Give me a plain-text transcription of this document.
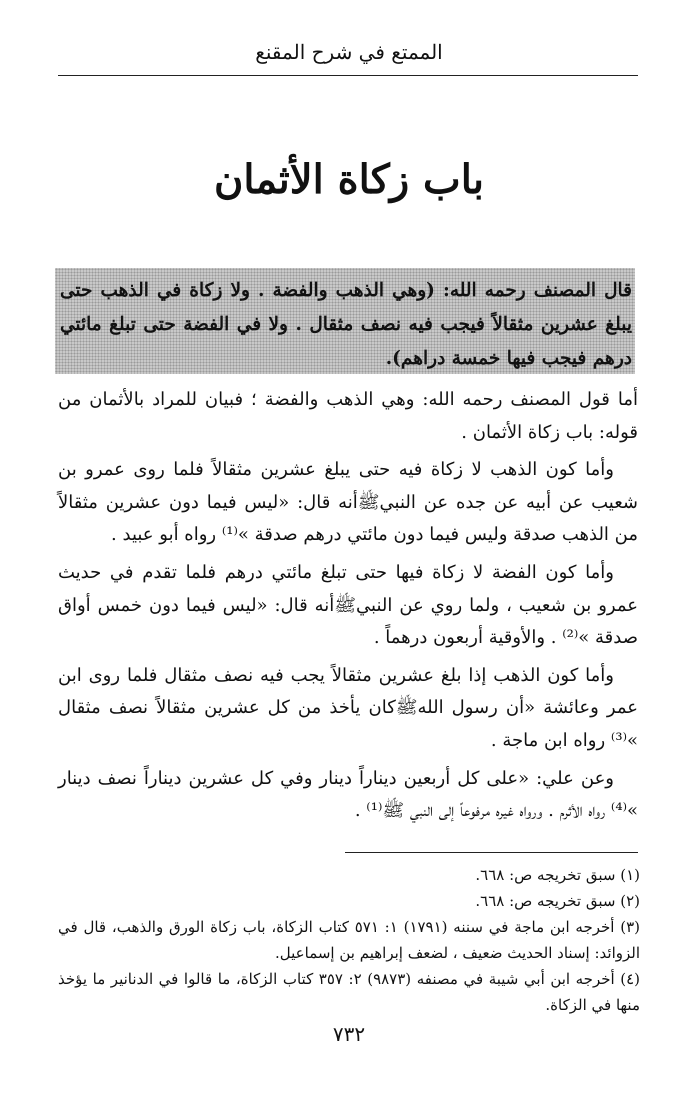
الممتع في شرح المقنع
باب زكاة الأثمان
قال المصنف رحمه الله: (وهي الذهب والفضة . ولا زكاة في الذهب حتى يبلغ عشرين مثقالاً فيجب فيه نصف مثقال . ولا في الفضة حتى تبلغ مائتي درهم فيجب فيها خمسة دراهم).

أما قول المصنف رحمه الله: وهي الذهب والفضة ؛ فبيان للمراد بالأثمان من قوله: باب زكاة الأثمان .

وأما كون الذهب لا زكاة فيه حتى يبلغ عشرين مثقالاً فلما روى عمرو بن شعيب عن أبيه عن جده عن النبيﷺأنه قال: «ليس فيما دون عشرين مثقالاً من الذهب صدقة وليس فيما دون مائتي درهم صدقة »⁽¹⁾ رواه أبو عبيد .

وأما كون الفضة لا زكاة فيها حتى تبلغ مائتي درهم فلما تقدم في حديث عمرو بن شعيب ، ولما روي عن النبيﷺأنه قال: «ليس فيما دون خمس أواق صدقة »⁽²⁾ . والأوقية أربعون درهماً .

وأما كون الذهب إذا بلغ عشرين مثقالاً يجب فيه نصف مثقال فلما روى ابن عمر وعائشة «أن رسول اللهﷺكان يأخذ من كل عشرين مثقالاً نصف مثقال »⁽³⁾ رواه ابن ماجة .

وعن علي: «على كل أربعين ديناراً دينار وفي كل عشرين ديناراً نصف دينار »⁽⁴⁾ رواه الأثرم . ورواه غيره مرفوعاً إلى النبي ﷺ⁽¹⁾ .

(١) سبق تخريجه ص: ٦٦٨.
(٢) سبق تخريجه ص: ٦٦٨.
(٣) أخرجه ابن ماجة في سننه (١٧٩١) ١: ٥٧١ كتاب الزكاة، باب زكاة الورق والذهب، قال في الزوائد: إسناد الحديث ضعيف ، لضعف إبراهيم بن إسماعيل.
(٤) أخرجه ابن أبي شيبة في مصنفه (٩٨٧٣) ٢: ٣٥٧ كتاب الزكاة، ما قالوا في الدنانير ما يؤخذ منها في الزكاة.
٧٣٢
